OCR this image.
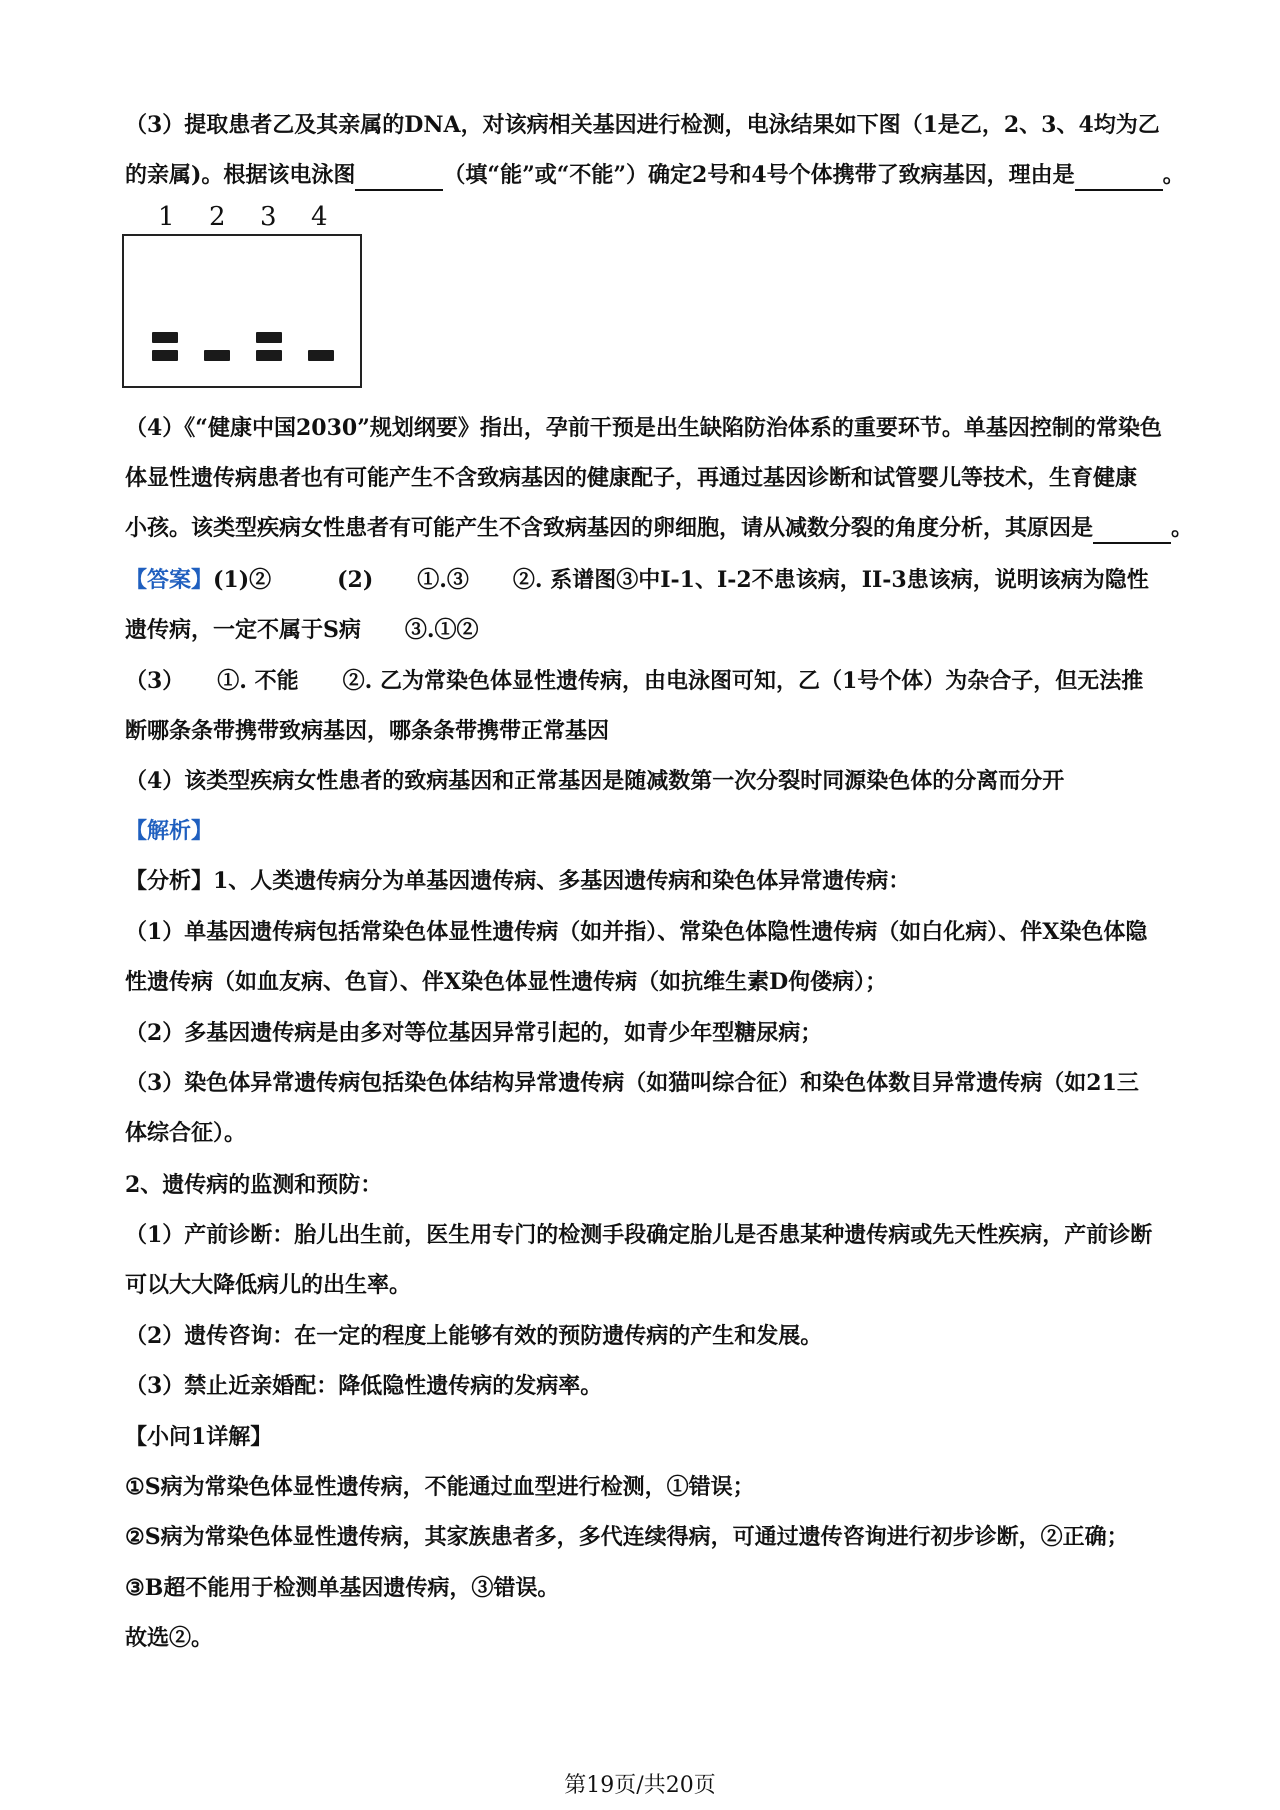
（3）提取患者乙及其亲属的DNA，对该病相关基因进行检测，电泳结果如下图（1是乙，2、3、4均为乙
的亲属)。根据该电泳图	（填“能”或“不能”）确定2号和4号个体携带了致病基因，理由是	。
（4）《“健康中国2030”规划纲要》指出，孕前干预是出生缺陷防治体系的重要环节。单基因控制的常染色
体显性遗传病患者也有可能产生不含致病基因的健康配子，再通过基因诊断和试管婴儿等技术，生育健康
小孩。该类型疾病女性患者有可能产生不含致病基因的卵细胞，请从减数分裂的角度分析，其原因是	。
【答案】(1)②　　　(2)　　①.③　　②. 系谱图③中I-1、I-2不患该病，II-3患该病，说明该病为隐性
遗传病，一定不属于S病　　③.①②
（3）　　①. 不能　　②. 乙为常染色体显性遗传病，由电泳图可知，乙（1号个体）为杂合子，但无法推
断哪条条带携带致病基因，哪条条带携带正常基因
（4）该类型疾病女性患者的致病基因和正常基因是随减数第一次分裂时同源染色体的分离而分开
【解析】
【分析】1、人类遗传病分为单基因遗传病、多基因遗传病和染色体异常遗传病：
（1）单基因遗传病包括常染色体显性遗传病（如并指）、常染色体隐性遗传病（如白化病）、伴X染色体隐
性遗传病（如血友病、色盲）、伴X染色体显性遗传病（如抗维生素D佝偻病）；
（2）多基因遗传病是由多对等位基因异常引起的，如青少年型糖尿病；
（3）染色体异常遗传病包括染色体结构异常遗传病（如猫叫综合征）和染色体数目异常遗传病（如21三
体综合征）。
2、遗传病的监测和预防：
（1）产前诊断：胎儿出生前，医生用专门的检测手段确定胎儿是否患某种遗传病或先天性疾病，产前诊断
可以大大降低病儿的出生率。
（2）遗传咨询：在一定的程度上能够有效的预防遗传病的产生和发展。
（3）禁止近亲婚配：降低隐性遗传病的发病率。
【小问1详解】
①S病为常染色体显性遗传病，不能通过血型进行检测，①错误；
②S病为常染色体显性遗传病，其家族患者多，多代连续得病，可通过遗传咨询进行初步诊断，②正确；
③B超不能用于检测单基因遗传病，③错误。
故选②。
1 2 3 4
第19页/共20页
